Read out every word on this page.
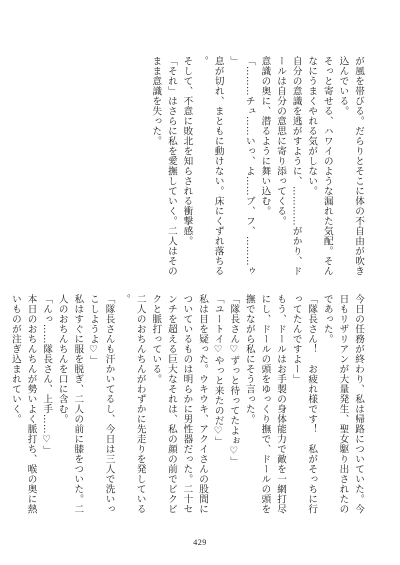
が風を帯びる。だらりとそこに体の不自由が吹き込んでいる。

そっと寄せる、ハワイのような漏れた気配。そんなにうまくやれる気がしない。

自分の意識を逃がすように、…………がかり、ドールは自分の意思に寄り添ってくる。

意識の奥に、潜るように舞い込む。

「………チュ……いっ、よ……ブ、フ、………ゥ」

息が切れ、まともに動けない。床にくずれ落ちる。

そして、不意に敗北を知らされる衝撃感。

「それ」はさらに私を愛撫していく。二人はそのまま意識を失った。

今日の任務が終わり、私は帰路についていた。今日もリザリアンが大量発生、聖女駆り出されたのであった。

「隊長さん！　お疲れ様です！　私がそっちに行ってたんですよー」

もう、ドールはお手製の身体能力で敵を一網打尽にし、ドールの頭をゆっくり撫で、ドールの頭を撫でながら私にそう言った。

「隊長さん♡ずっと待ってたよぉ♡」

「ユートイ♡やっと来たのだ♡」

私は目を疑った。ウキウキ、アクイさんの股間についているものは明らかに男性器だった。二十センチを超える巨大なそれは、私の顔の前でビクビクと脈打っている。

二人のおちんちんがわずかに先走りを発している。

「隊長さんも汗かいてるし、今日は三人で洗いっこしようよ♡」

私はすぐに服を脱ぎ、二人の前に膝をついた。二人のおちんちんを口に含む。

「んっ……隊長さん、上手……♡」

本日のおちんちんが勢いよく脈打ち、喉の奥に熱いものが注ぎ込まれていく。

429
